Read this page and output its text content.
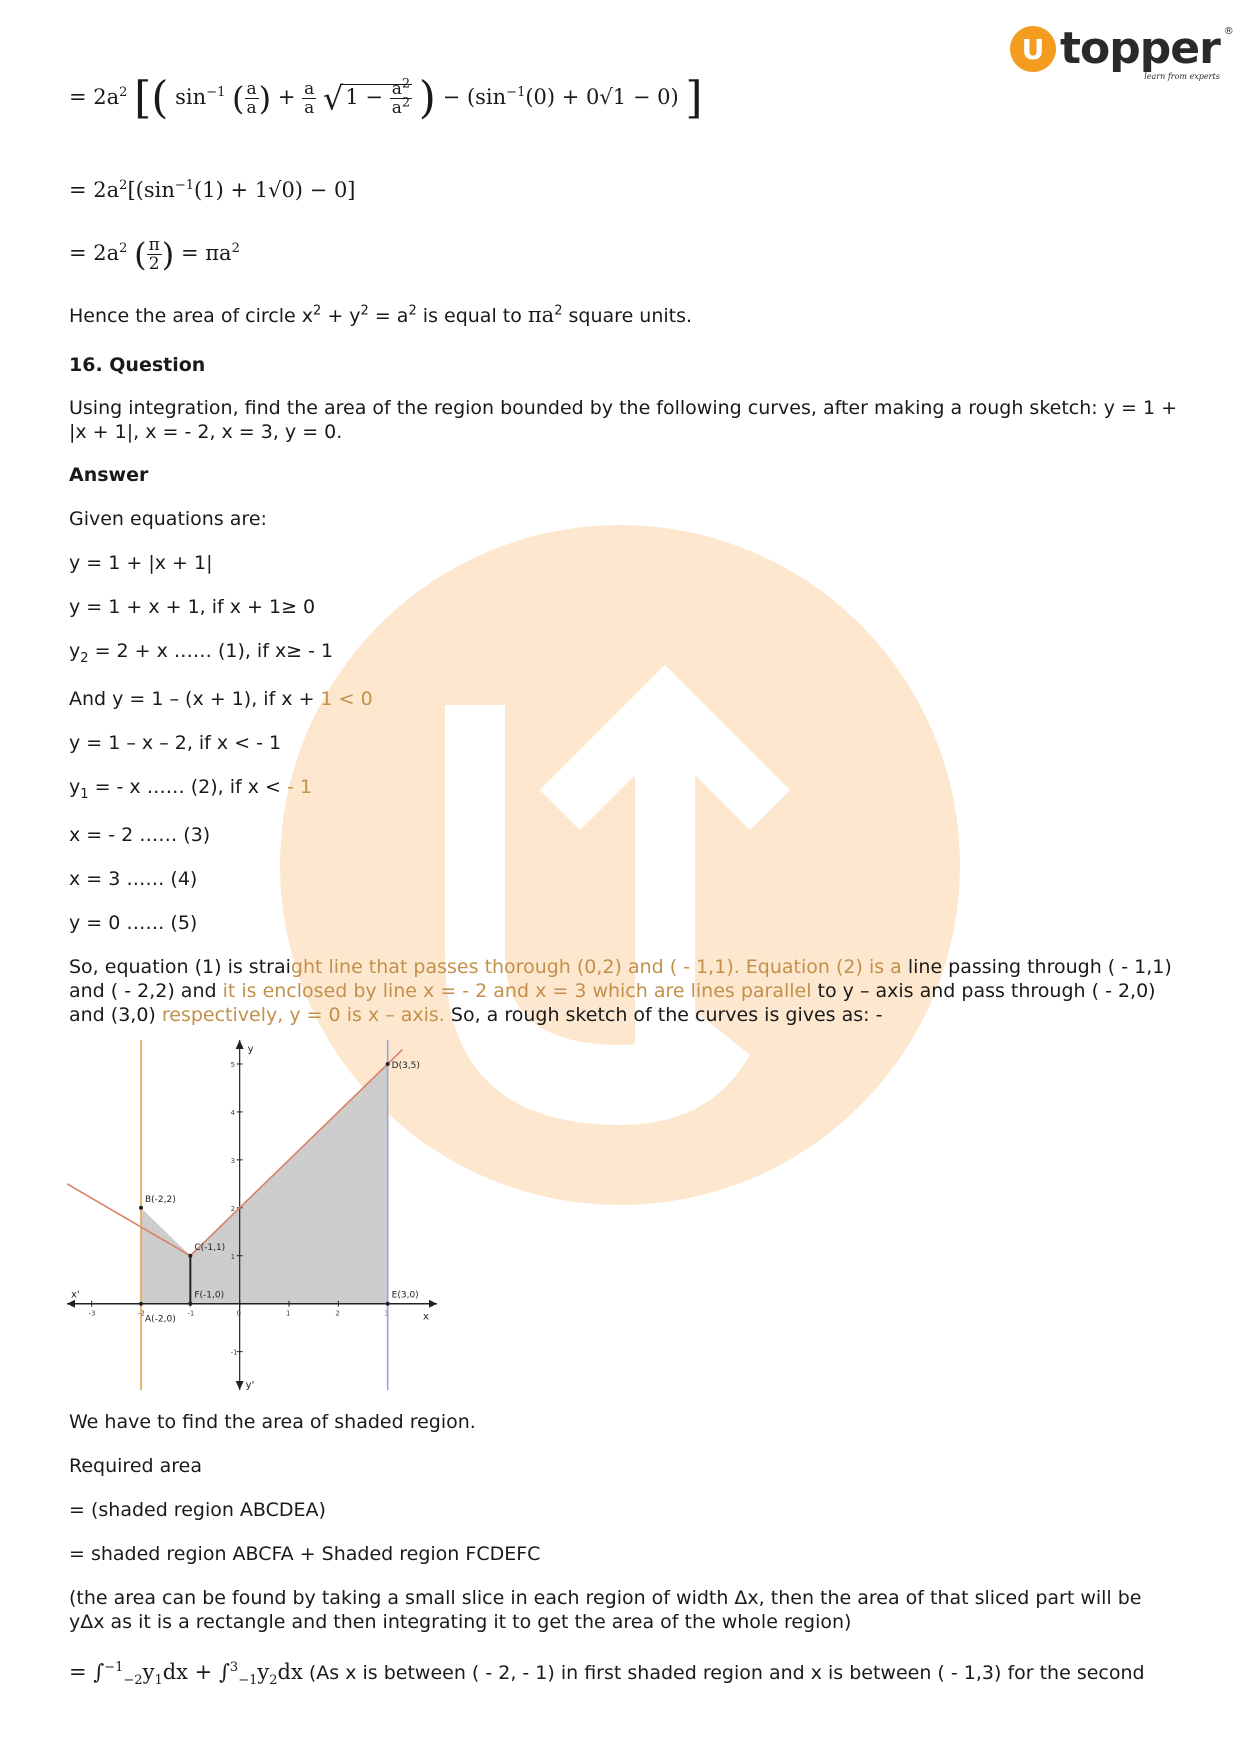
U topper ®
learn from experts
= $2a^2$ [( $\sin^{-1}$ ( $\frac{a}{a}$ ) + $\frac{a}{a} √1 - \frac{a^2}{a^2}$ ) − $(\sin^{-1}(0) + 0√1 - 0)$ ]
= $2a^2[(\sin^{-1}(1) + 1√0) - 0]$
= $2a^2$ ( $\frac{\pi}{2}$ ) = $\pi a^2$
Hence the area of circle $x^2 + y^2 = a^2$ is equal to $\pi a^2$ square units.
16. Question
Using integration, find the area of the region bounded by the following curves, after making a rough sketch: y = 1 + |x + 1|, x = - 2, x = 3, y = 0.
Answer
Given equations are:
y = 1 + |x + 1|
y = 1 + x + 1, if x + 1≥ 0
$y_2 = 2 + x$ …… (1), if x≥ - 1
And y = 1 – (x + 1), if x + 1 < 0
y = 1 – x – 2, if x < - 1
$y_1$ = - x …… (2), if x < - 1
x = - 2 …… (3)
x = 3 …… (4)
y = 0 …… (5)
So, equation (1) is straight line that passes thorough (0,2) and ( - 1,1). Equation (2) is a line passing through ( - 1,1) and ( - 2,2) and it is enclosed by line x = - 2 and x = 3 which are lines parallel to y – axis and pass through ( - 2,0) and (3,0) respectively, y = 0 is x – axis. So, a rough sketch of the curves is gives as: -
We have to find the area of shaded region.
Required area
= (shaded region ABCDEA)
= shaded region ABCFA + Shaded region FCDEFC
(the area can be found by taking a small slice in each region of width Δx, then the area of that sliced part will be yΔx as it is a rectangle and then integrating it to get the area of the whole region)
= $\int^{-1}_{-2}y_1dx + \int^3_{-1}y_2dx$ (As x is between ( - 2, - 1) in first shaded region and x is between ( - 1,3) for the second
x
y
x'
y'
-3	-2	-1	0	1	2	3
-1
1
2
3
4
5
B(-2,2)
C(-1,1)
D(3,5)
A(-2,0)
F(-1,0)	E(3,0)
